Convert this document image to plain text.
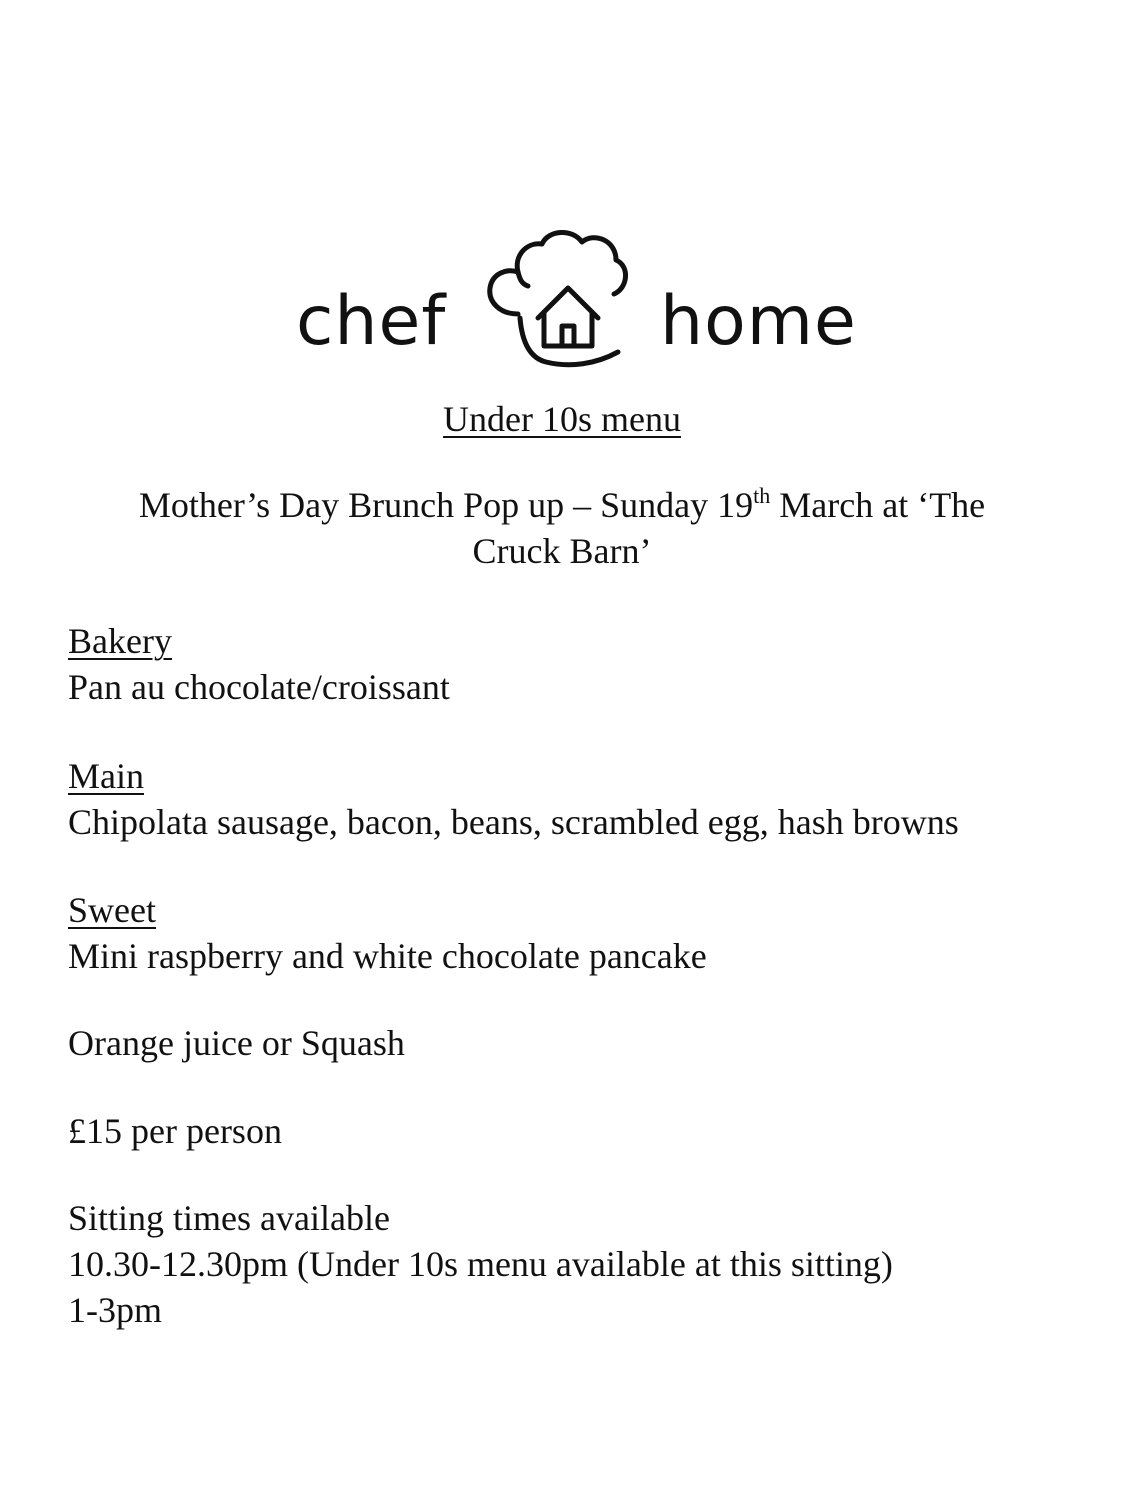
chef	home
Under 10s menu
Mother’s Day Brunch Pop up – Sunday 19th March at ‘The
Cruck Barn’
Bakery
Pan au chocolate/croissant
Main
Chipolata sausage, bacon, beans, scrambled egg, hash browns
Sweet
Mini raspberry and white chocolate pancake
Orange juice or Squash
£15 per person
Sitting times available
10.30-12.30pm (Under 10s menu available at this sitting)
1-3pm
